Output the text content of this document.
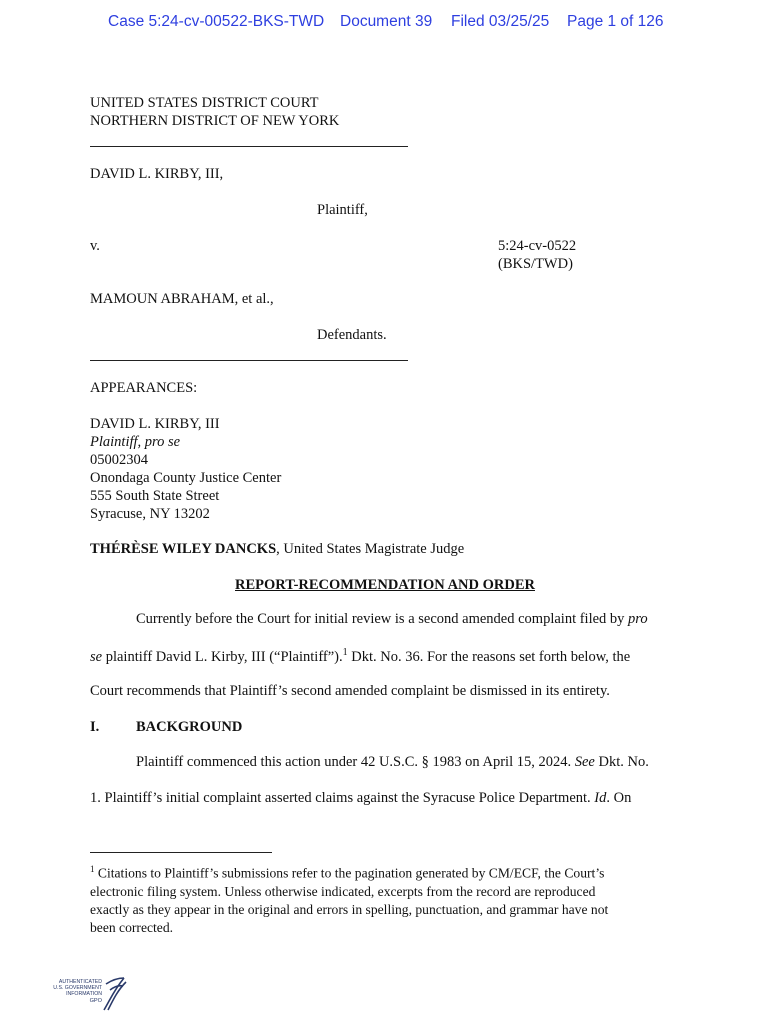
Case 5:24-cv-00522-BKS-TWD Document 39 Filed 03/25/25 Page 1 of 126
UNITED STATES DISTRICT COURT
NORTHERN DISTRICT OF NEW YORK
DAVID L. KIRBY, III,
Plaintiff,
v.	5:24-cv-0522
(BKS/TWD)
MAMOUN ABRAHAM, et al.,
Defendants.
APPEARANCES:
DAVID L. KIRBY, III
Plaintiff, pro se
05002304
Onondaga County Justice Center
555 South State Street
Syracuse, NY 13202
THÉRÈSE WILEY DANCKS, United States Magistrate Judge
REPORT-RECOMMENDATION AND ORDER
Currently before the Court for initial review is a second amended complaint filed by pro
se plaintiff David L. Kirby, III (“Plaintiff”).$^1$ Dkt. No. 36. For the reasons set forth below, the
Court recommends that Plaintiff’s second amended complaint be dismissed in its entirety.
I.	BACKGROUND
Plaintiff commenced this action under 42 U.S.C. § 1983 on April 15, 2024. See Dkt. No.
1. Plaintiff’s initial complaint asserted claims against the Syracuse Police Department. Id. On
$^1$ Citations to Plaintiff’s submissions refer to the pagination generated by CM/ECF, the Court’s
electronic filing system. Unless otherwise indicated, excerpts from the record are reproduced
exactly as they appear in the original and errors in spelling, punctuation, and grammar have not
been corrected.
AUTHENTICATED
U.S. GOVERNMENT
INFORMATION
GPO
